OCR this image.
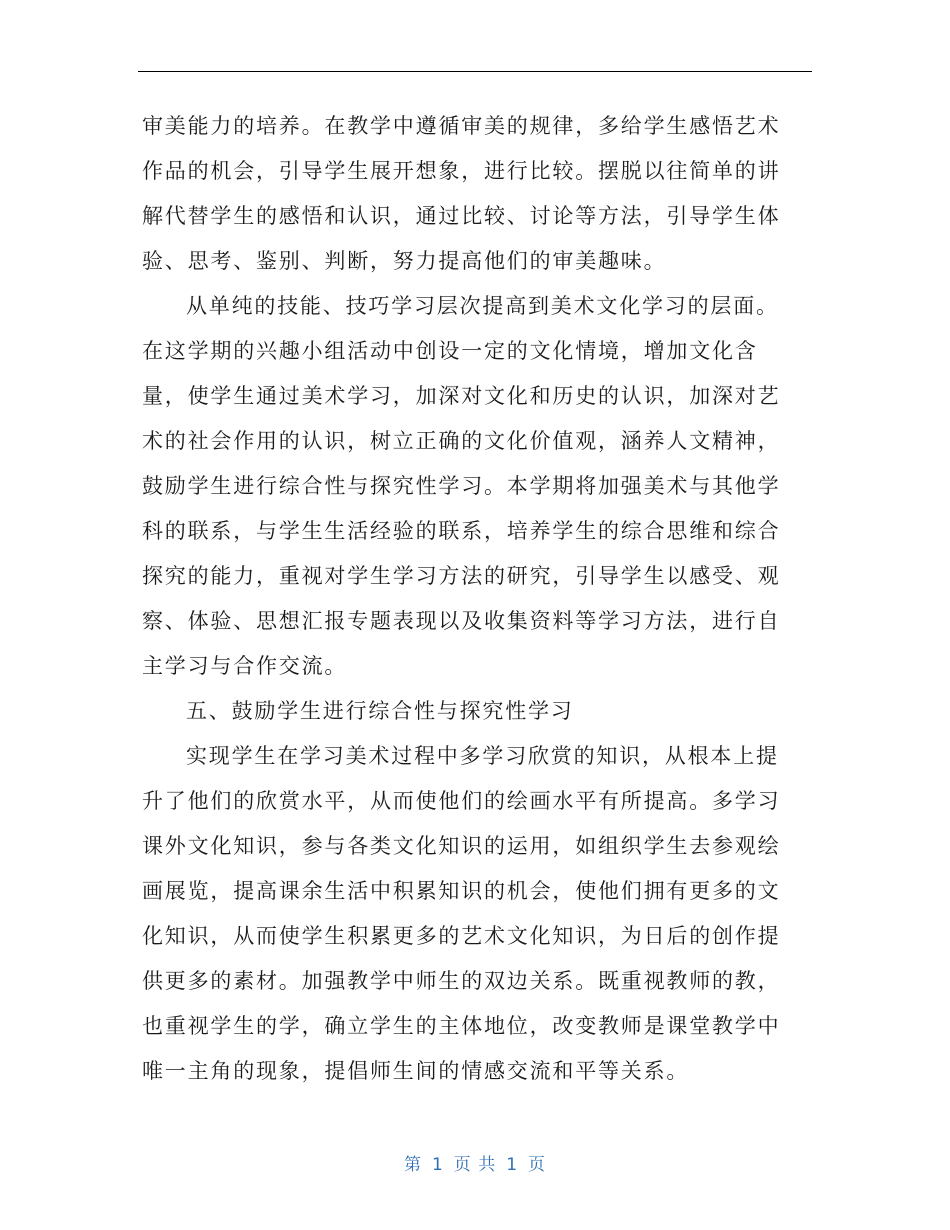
审美能力的培养。在教学中遵循审美的规律，多给学生感悟艺术
作品的机会，引导学生展开想象，进行比较。摆脱以往简单的讲
解代替学生的感悟和认识，通过比较、讨论等方法，引导学生体
验、思考、鉴别、判断，努力提高他们的审美趣味。
从单纯的技能、技巧学习层次提高到美术文化学习的层面。
在这学期的兴趣小组活动中创设一定的文化情境，增加文化含
量，使学生通过美术学习，加深对文化和历史的认识，加深对艺
术的社会作用的认识，树立正确的文化价值观，涵养人文精神，
鼓励学生进行综合性与探究性学习。本学期将加强美术与其他学
科的联系，与学生生活经验的联系，培养学生的综合思维和综合
探究的能力，重视对学生学习方法的研究，引导学生以感受、观
察、体验、思想汇报专题表现以及收集资料等学习方法，进行自
主学习与合作交流。
五、鼓励学生进行综合性与探究性学习
实现学生在学习美术过程中多学习欣赏的知识，从根本上提
升了他们的欣赏水平，从而使他们的绘画水平有所提高。多学习
课外文化知识，参与各类文化知识的运用，如组织学生去参观绘
画展览，提高课余生活中积累知识的机会，使他们拥有更多的文
化知识，从而使学生积累更多的艺术文化知识，为日后的创作提
供更多的素材。加强教学中师生的双边关系。既重视教师的教，
也重视学生的学，确立学生的主体地位，改变教师是课堂教学中
唯一主角的现象，提倡师生间的情感交流和平等关系。
第 1 页 共 1 页
